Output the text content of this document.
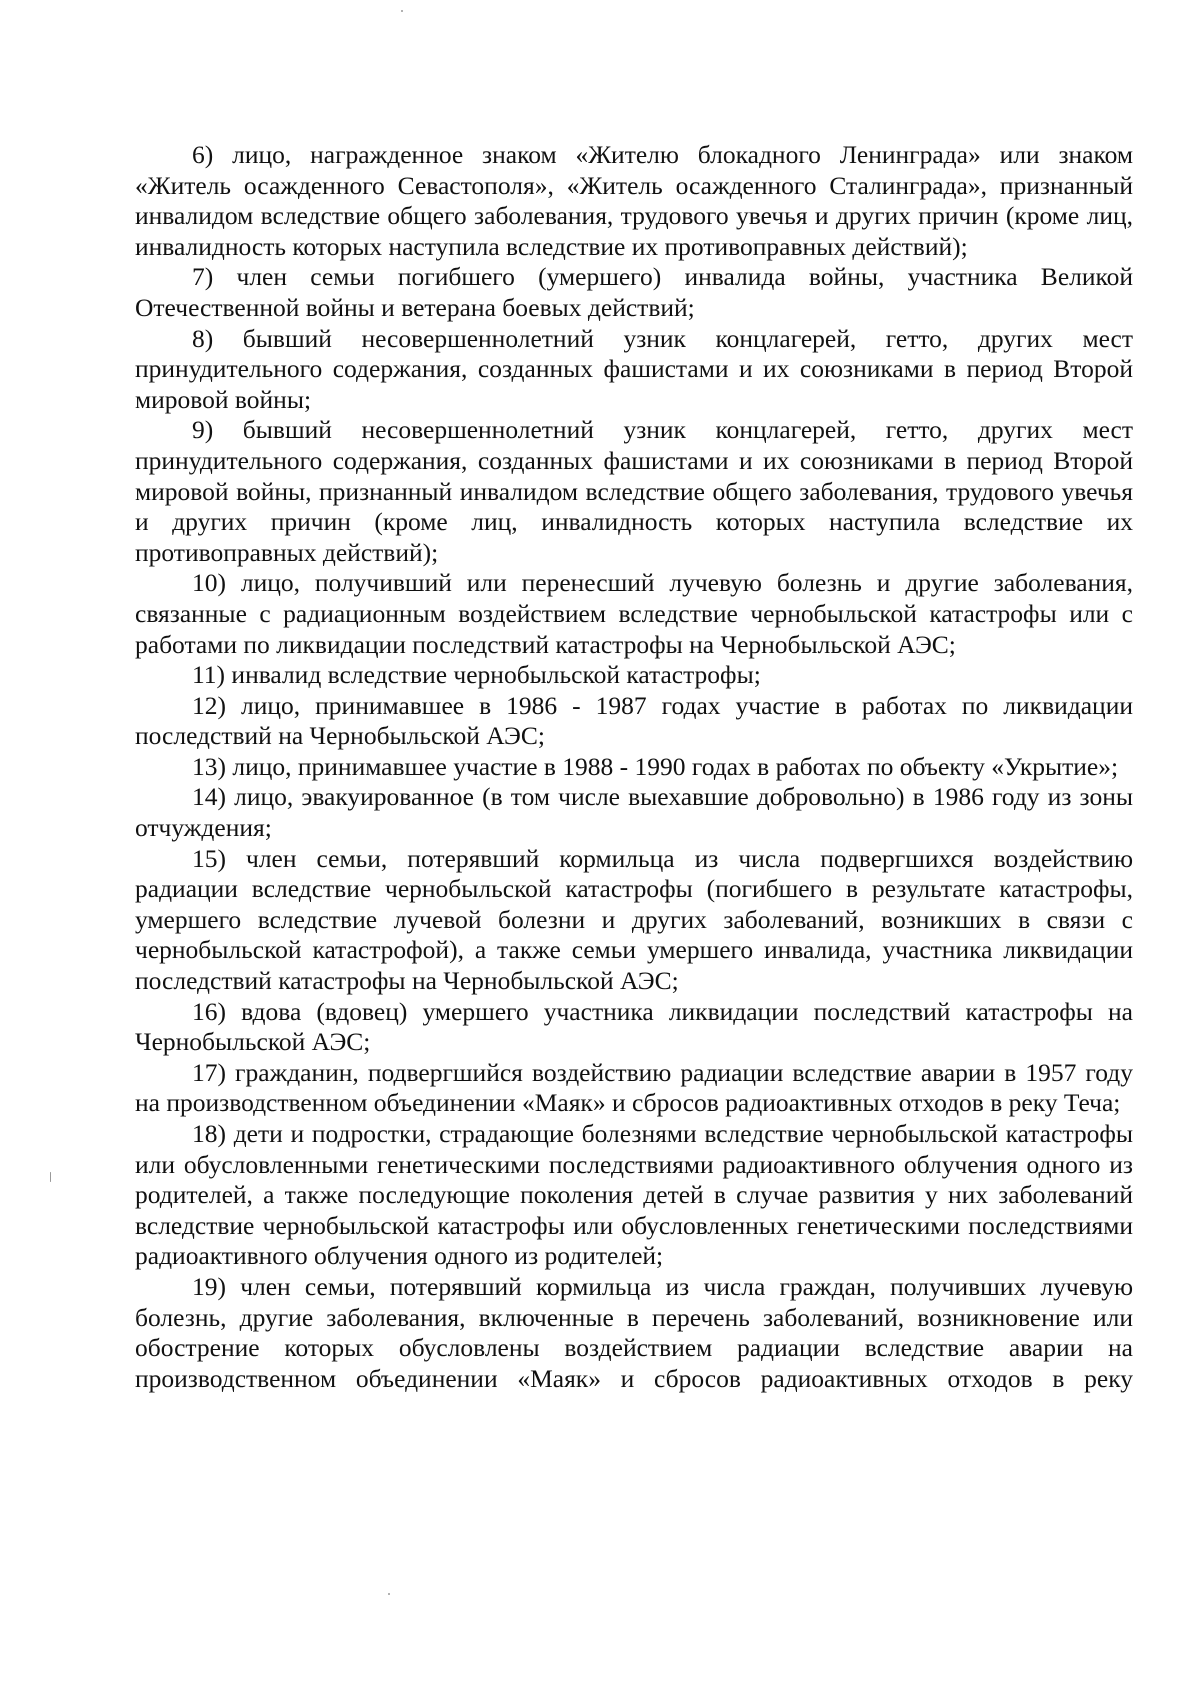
6) лицо, награжденное знаком «Жителю блокадного Ленинграда» или знаком «Житель осажденного Севастополя», «Житель осажденного Сталинграда», признанный инвалидом вследствие общего заболевания, трудового увечья и других причин (кроме лиц, инвалидность которых наступила вследствие их противоправных действий);

7) член семьи погибшего (умершего) инвалида войны, участника Великой Отечественной войны и ветерана боевых действий;

8) бывший несовершеннолетний узник концлагерей, гетто, других мест принудительного содержания, созданных фашистами и их союзниками в период Второй мировой войны;

9) бывший несовершеннолетний узник концлагерей, гетто, других мест принудительного содержания, созданных фашистами и их союзниками в период Второй мировой войны, признанный инвалидом вследствие общего заболевания, трудового увечья и других причин (кроме лиц, инвалидность которых наступила вследствие их противоправных действий);

10) лицо, получивший или перенесший лучевую болезнь и другие заболевания, связанные с радиационным воздействием вследствие чернобыльской катастрофы или с работами по ликвидации последствий катастрофы на Чернобыльской АЭС;

11) инвалид вследствие чернобыльской катастрофы;

12) лицо, принимавшее в 1986 - 1987 годах участие в работах по ликвидации последствий на Чернобыльской АЭС;

13) лицо, принимавшее участие в 1988 - 1990 годах в работах по объекту «Укрытие»;

14) лицо, эвакуированное (в том числе выехавшие добровольно) в 1986 году из зоны отчуждения;

15) член семьи, потерявший кормильца из числа подвергшихся воздействию радиации вследствие чернобыльской катастрофы (погибшего в результате катастрофы, умершего вследствие лучевой болезни и других заболеваний, возникших в связи с чернобыльской катастрофой), а также семьи умершего инвалида, участника ликвидации последствий катастрофы на Чернобыльской АЭС;

16) вдова (вдовец) умершего участника ликвидации последствий катастрофы на Чернобыльской АЭС;

17) гражданин, подвергшийся воздействию радиации вследствие аварии в 1957 году на производственном объединении «Маяк» и сбросов радиоактивных отходов в реку Теча;

18) дети и подростки, страдающие болезнями вследствие чернобыльской катастрофы или обусловленными генетическими последствиями радиоактивного облучения одного из родителей, а также последующие поколения детей в случае развития у них заболеваний вследствие чернобыльской катастрофы или обусловленных генетическими последствиями радиоактивного облучения одного из родителей;

19) член семьи, потерявший кормильца из числа граждан, получивших лучевую болезнь, другие заболевания, включенные в перечень заболеваний, возникновение или обострение которых обусловлены воздействием радиации вследствие аварии на производственном объединении «Маяк» и сбросов радиоактивных отходов в реку
